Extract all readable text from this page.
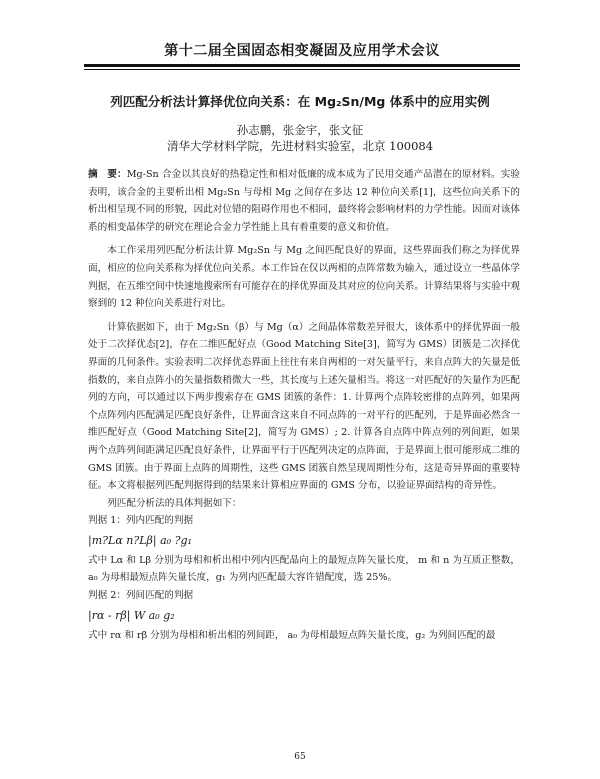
第十二届全国固态相变凝固及应用学术会议
列匹配分析法计算择优位向关系：在 Mg₂Sn/Mg 体系中的应用实例
孙志鹏，张金宇，张文征
清华大学材料学院，先进材料实验室，北京 100084

摘　要：Mg-Sn 合金以其良好的热稳定性和相对低廉的成本成为了民用交通产品潜在的原材料。实验表明，该合金的主要析出相 Mg₂Sn 与母相 Mg 之间存在多达 12 种位向关系[1]，这些位向关系下的析出相呈现不同的形貌，因此对位错的阻碍作用也不相同，最终将会影响材料的力学性能。因而对该体系的相变晶体学的研究在理论合金力学性能上具有着重要的意义和价值。

本工作采用列匹配分析法计算 Mg₂Sn 与 Mg 之间匹配良好的界面，这些界面我们称之为择优界面，相应的位向关系称为择优位向关系。本工作旨在仅以两相的点阵常数为输入，通过设立一些晶体学判据，在五维空间中快速地搜索所有可能存在的择优界面及其对应的位向关系。计算结果将与实验中观察到的 12 种位向关系进行对比。

计算依据如下，由于 Mg₂Sn（β）与 Mg（α）之间晶体常数差异很大，该体系中的择优界面一般处于二次择优态[2]，存在二维匹配好点（Good Matching Site[3]，简写为 GMS）团簇是二次择优界面的几何条件。实验表明二次择优态界面上往往有来自两相的一对矢量平行，来自点阵大的矢量是低指数的，来自点阵小的矢量指数稍微大一些，其长度与上述矢量相当。将这一对匹配好的矢量作为匹配列的方向，可以通过以下两步搜索存在 GMS 团簇的条件：1. 计算两个点阵较密排的点阵列，如果两个点阵列内匹配满足匹配良好条件，让界面含这来自不同点阵的一对平行的匹配列，于是界面必然含一维匹配好点（Good Matching Site[2]，简写为 GMS）; 2. 计算各自点阵中阵点列的列间距，如果两个点阵列间距满足匹配良好条件，让界面平行于匹配列决定的点阵面，于是界面上很可能形成二维的 GMS 团簇。由于界面上点阵的周期性，这些 GMS 团簇自然呈现周期性分布，这是奇异界面的重要特征。本文将根据列匹配判据得到的结果来计算相应界面的 GMS 分布，以验证界面结构的奇异性。

列匹配分析法的具体判据如下：

判据 1：列内匹配的判据

|m?Lα n?Lβ| a₀ ?g₁

式中 Lα 和 Lβ 分别为母相和析出相中列内匹配晶向上的最短点阵矢量长度， m 和 n 为互质正整数，a₀ 为母相最短点阵矢量长度，g₁ 为列内匹配最大容许错配度，选 25%。

判据 2：列间匹配的判据

|rα - rβ| W a₀ g₂

式中 rα 和 rβ 分别为母相和析出相的列间距， a₀ 为母相最短点阵矢量长度，g₂ 为列间匹配的最

65
